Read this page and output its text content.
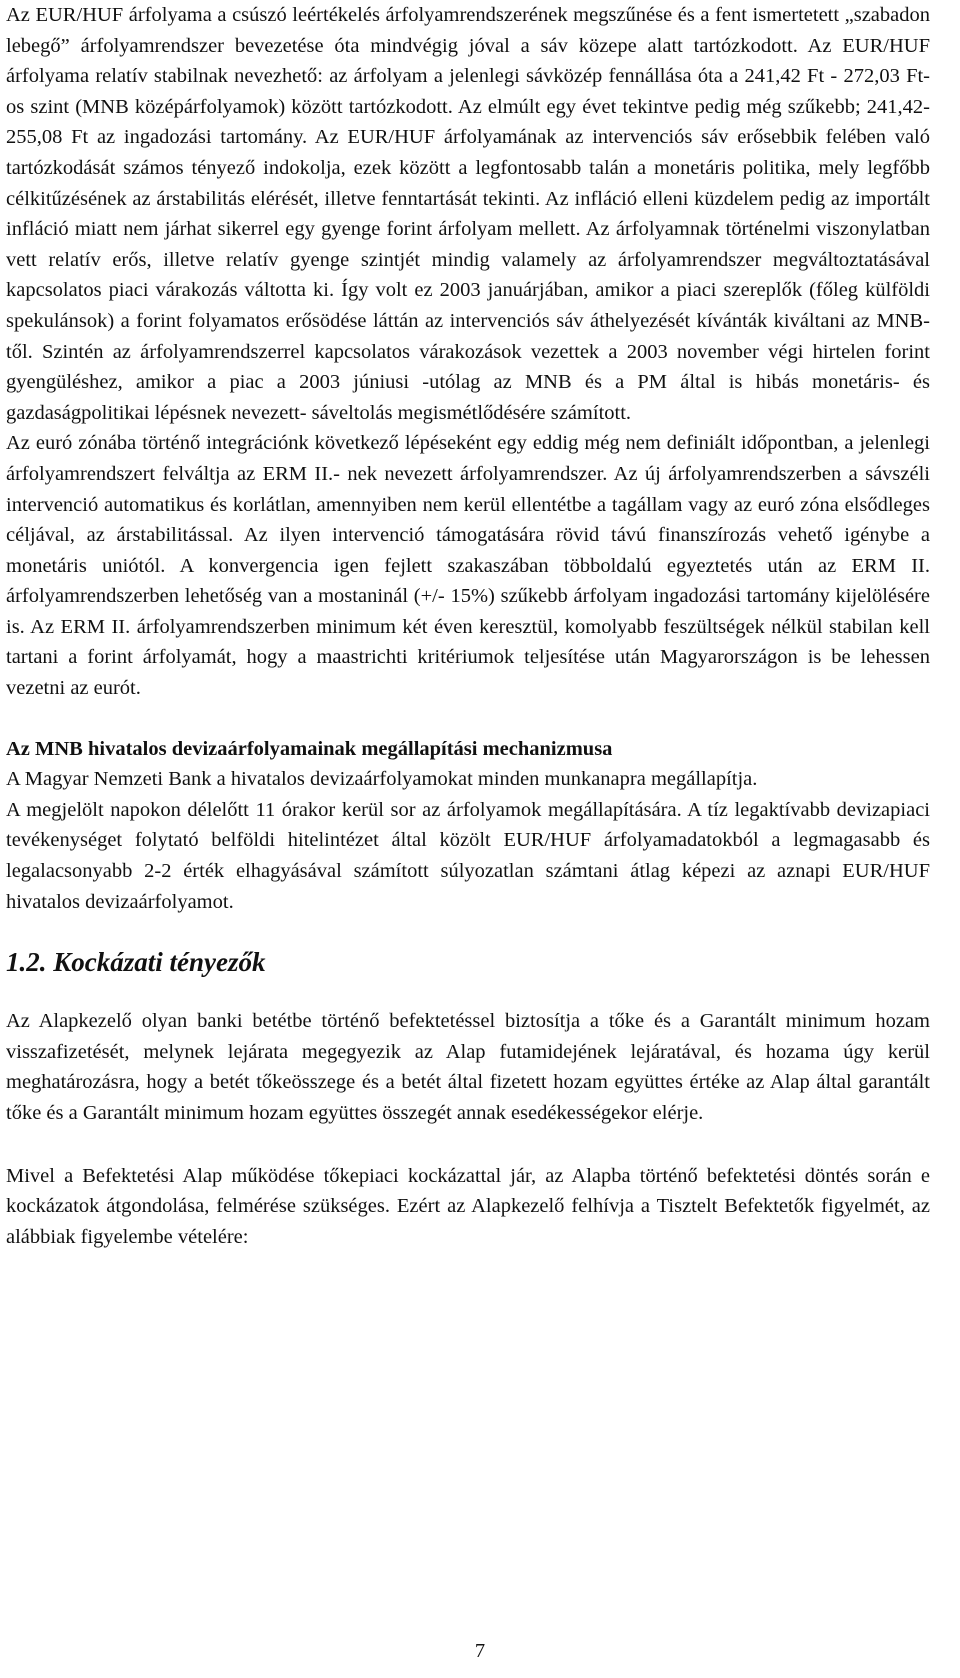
Az EUR/HUF árfolyama a csúszó leértékelés árfolyamrendszerének megszűnése és a fent ismertetett „szabadon lebegő” árfolyamrendszer bevezetése óta mindvégig jóval a sáv közepe alatt tartózkodott. Az EUR/HUF árfolyama relatív stabilnak nevezhető: az árfolyam a jelenlegi sávközép fennállása óta a 241,42 Ft - 272,03 Ft-os szint (MNB középárfolyamok) között tartózkodott. Az elmúlt egy évet tekintve pedig még szűkebb; 241,42- 255,08 Ft az ingadozási tartomány. Az EUR/HUF árfolyamának az intervenciós sáv erősebbik felében való tartózkodását számos tényező indokolja, ezek között a legfontosabb talán a monetáris politika, mely legfőbb célkitűzésének az árstabilitás elérését, illetve fenntartását tekinti. Az infláció elleni küzdelem pedig az importált infláció miatt nem járhat sikerrel egy gyenge forint árfolyam mellett. Az árfolyamnak történelmi viszonylatban vett relatív erős, illetve relatív gyenge szintjét mindig valamely az árfolyamrendszer megváltoztatásával kapcsolatos piaci várakozás váltotta ki. Így volt ez 2003 januárjában, amikor a piaci szereplők (főleg külföldi spekulánsok) a forint folyamatos erősödése láttán az intervenciós sáv áthelyezését kívánták kiváltani az MNB-től. Szintén az árfolyamrendszerrel kapcsolatos várakozások vezettek a 2003 november végi hirtelen forint gyengüléshez, amikor a piac a 2003 júniusi -utólag az MNB és a PM által is hibás monetáris- és gazdaságpolitikai lépésnek nevezett- sáveltolás megismétlődésére számított.

Az euró zónába történő integrációnk következő lépéseként egy eddig még nem definiált időpontban, a jelenlegi árfolyamrendszert felváltja az ERM II.- nek nevezett árfolyamrendszer. Az új árfolyamrendszerben a sávszéli intervenció automatikus és korlátlan, amennyiben nem kerül ellentétbe a tagállam vagy az euró zóna elsődleges céljával, az árstabilitással. Az ilyen intervenció támogatására rövid távú finanszírozás vehető igénybe a monetáris uniótól. A konvergencia igen fejlett szakaszában többoldalú egyeztetés után az ERM II. árfolyamrendszerben lehetőség van a mostaninál (+/- 15%) szűkebb árfolyam ingadozási tartomány kijelölésére is. Az ERM II. árfolyamrendszerben minimum két éven keresztül, komolyabb feszültségek nélkül stabilan kell tartani a forint árfolyamát, hogy a maastrichti kritériumok teljesítése után Magyarországon is be lehessen vezetni az eurót.

Az MNB hivatalos devizaárfolyamainak megállapítási mechanizmusa

A Magyar Nemzeti Bank a hivatalos devizaárfolyamokat minden munkanapra megállapítja.

A megjelölt napokon délelőtt 11 órakor kerül sor az árfolyamok megállapítására. A tíz legaktívabb devizapiaci tevékenységet folytató belföldi hitelintézet által közölt EUR/HUF árfolyamadatokból a legmagasabb és legalacsonyabb 2-2 érték elhagyásával számított súlyozatlan számtani átlag képezi az aznapi EUR/HUF hivatalos devizaárfolyamot.

1.2. Kockázati tényezők

Az Alapkezelő olyan banki betétbe történő befektetéssel biztosítja a tőke és a Garantált minimum hozam visszafizetését, melynek lejárata megegyezik az Alap futamidejének lejáratával, és hozama úgy kerül meghatározásra, hogy a betét tőkeösszege és a betét által fizetett hozam együttes értéke az Alap által garantált tőke és a Garantált minimum hozam együttes összegét annak esedékességekor elérje.

Mivel a Befektetési Alap működése tőkepiaci kockázattal jár, az Alapba történő befektetési döntés során e kockázatok átgondolása, felmérése szükséges. Ezért az Alapkezelő felhívja a Tisztelt Befektetők figyelmét, az alábbiak figyelembe vételére:

7
